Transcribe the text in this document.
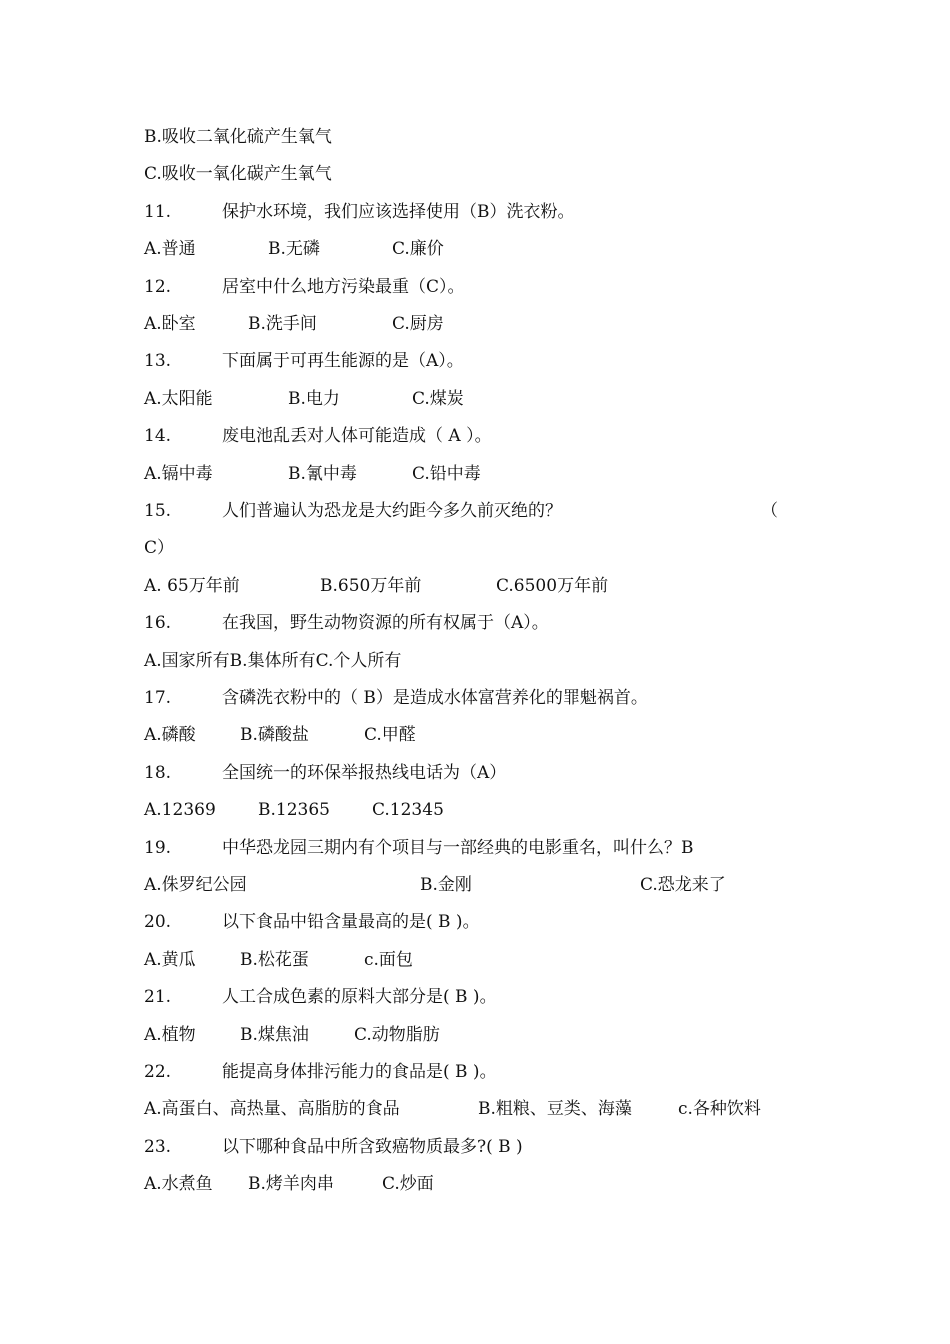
B.吸收二氧化硫产生氧气
C.吸收一氧化碳产生氧气
11.	保护水环境，我们应该选择使用（B）洗衣粉。
A.普通	B.无磷	C.廉价
12.	居室中什么地方污染最重（C）。
A.卧室	B.洗手间	C.厨房
13.	下面属于可再生能源的是（A）。
A.太阳能	B.电力	C.煤炭
14.	废电池乱丢对人体可能造成（ A ）。
A.镉中毒	B.氰中毒	C.铅中毒
15.	人们普遍认为恐龙是大约距今多久前灭绝的？	（
C）
A. 65万年前	B.650万年前	C.6500万年前
16.	在我国，野生动物资源的所有权属于（A）。
A.国家所有B.集体所有C.个人所有
17.	含磷洗衣粉中的（ B）是造成水体富营养化的罪魁祸首。
A.磷酸	B.磷酸盐	C.甲醛
18.	全国统一的环保举报热线电话为（A）
A.12369 B.12365 C.12345
19.	中华恐龙园三期内有个项目与一部经典的电影重名，叫什么？B
A.侏罗纪公园	B.金刚	C.恐龙来了
20.	以下食品中铅含量最高的是( B )。
A.黄瓜	B.松花蛋	c.面包
21.	人工合成色素的原料大部分是( B )。
A.植物	B.煤焦油	C.动物脂肪
22.	能提高身体排污能力的食品是( B )。
A.高蛋白、高热量、高脂肪的食品	B.粗粮、豆类、海藻	c.各种饮料
23.	以下哪种食品中所含致癌物质最多?( B )
A.水煮鱼 B.烤羊肉串	C.炒面
